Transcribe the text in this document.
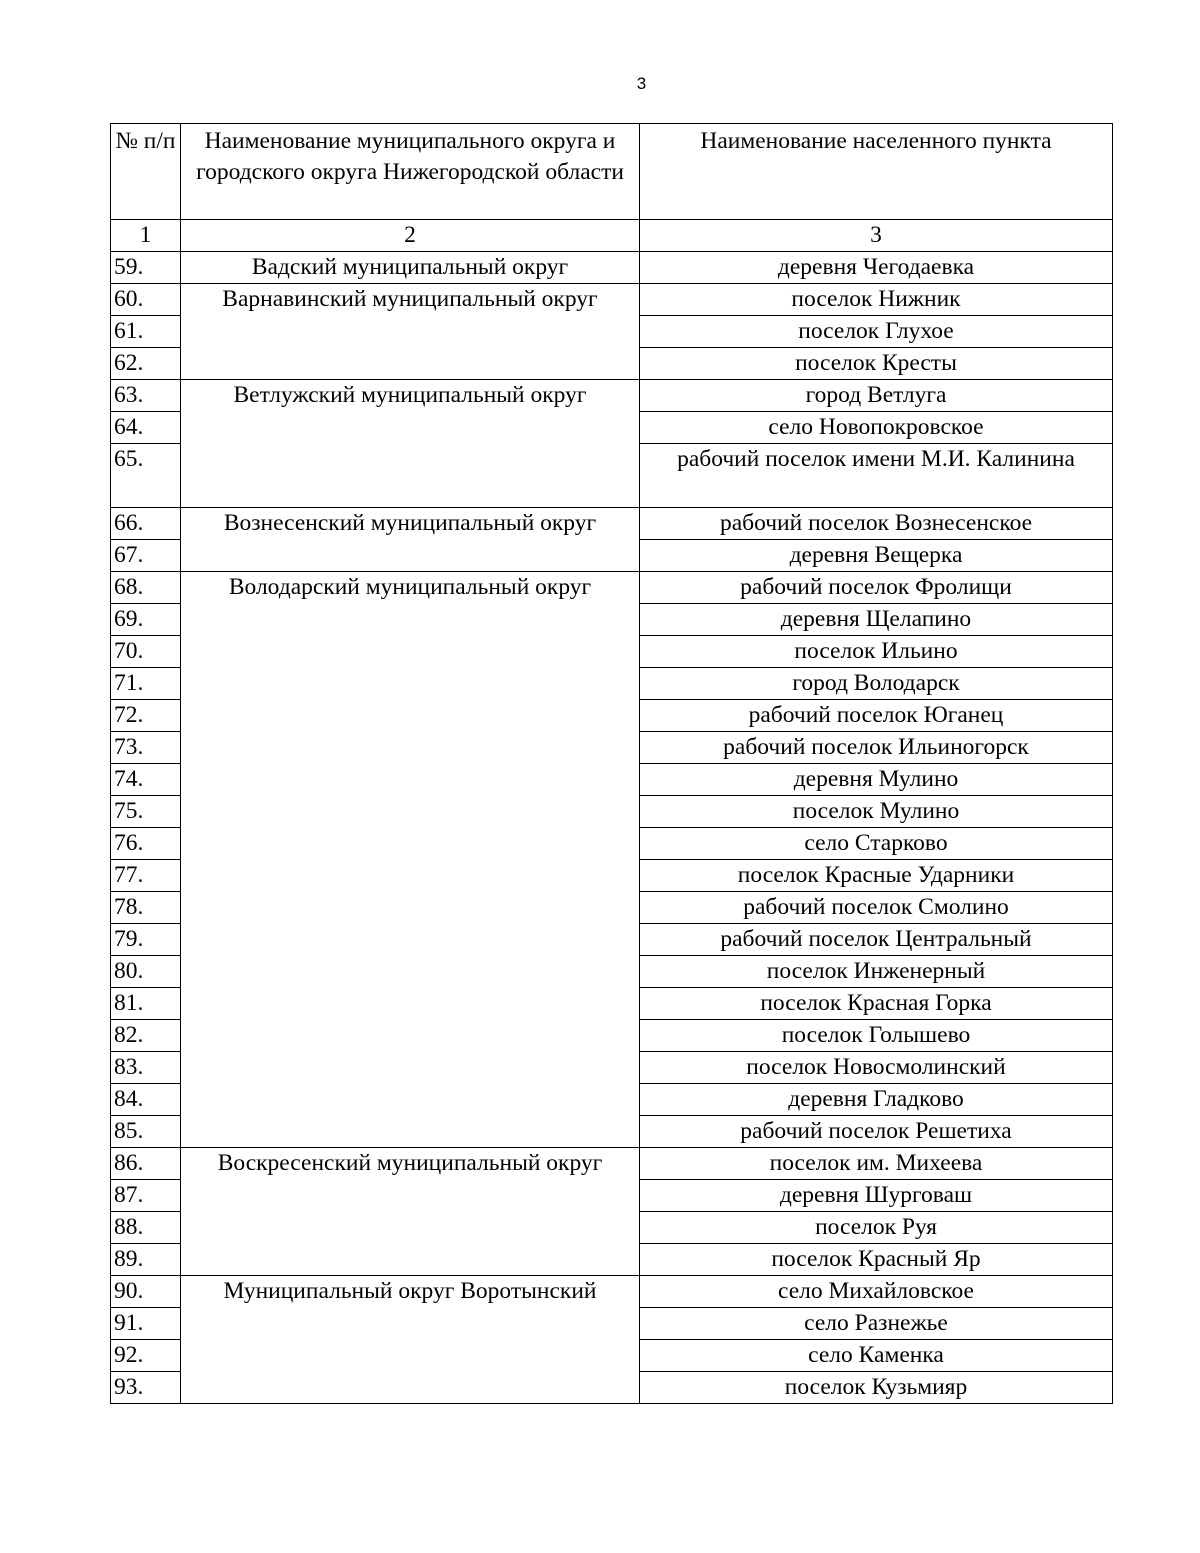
3
№ п/п	Наименование муниципального округа и городского округа Нижегородской области	Наименование населенного пункта
1	2	3
59.	Вадский муниципальный округ	деревня Чегодаевка
60.	Варнавинский муниципальный округ	поселок Нижник
61.		поселок Глухое
62.		поселок Кресты
63.	Ветлужский муниципальный округ	город Ветлуга
64.		село Новопокровское
65.		рабочий поселок имени М.И. Калинина
66.	Вознесенский муниципальный округ	рабочий поселок Вознесенское
67.		деревня Вещерка
68.	Володарский муниципальный округ	рабочий поселок Фролищи
69.		деревня Щелапино
70.		поселок Ильино
71.		город Володарск
72.		рабочий поселок Юганец
73.		рабочий поселок Ильиногорск
74.		деревня Мулино
75.		поселок Мулино
76.		село Старково
77.		поселок Красные Ударники
78.		рабочий поселок Смолино
79.		рабочий поселок Центральный
80.		поселок Инженерный
81.		поселок Красная Горка
82.		поселок Голышево
83.		поселок Новосмолинский
84.		деревня Гладково
85.		рабочий поселок Решетиха
86.	Воскресенский муниципальный округ	поселок им. Михеева
87.		деревня Шурговаш
88.		поселок Руя
89.		поселок Красный Яр
90.	Муниципальный округ Воротынский	село Михайловское
91.		село Разнежье
92.		село Каменка
93.		поселок Кузьмияр
